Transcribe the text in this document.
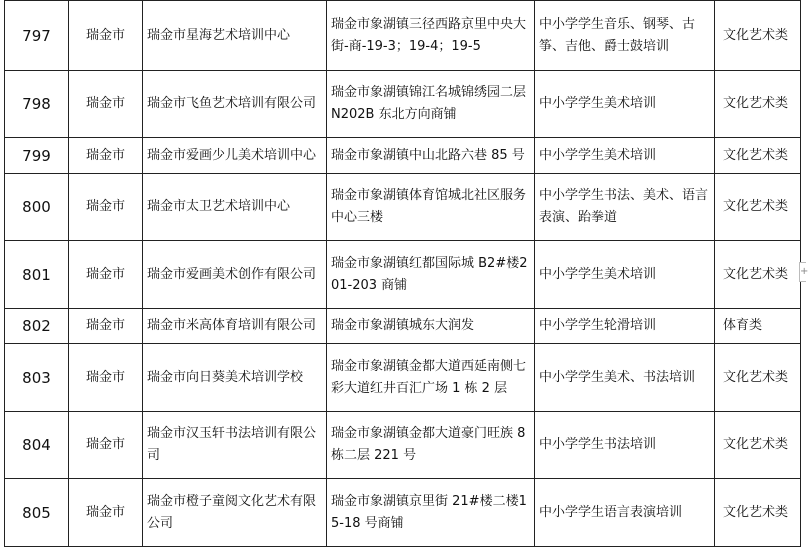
797	瑞金市	瑞金市星海艺术培训中心	瑞金市象湖镇三径西路京里中央大街-商-19-3；19-4；19-5	中小学学生音乐、钢琴、古筝、吉他、爵士鼓培训	文化艺术类
798	瑞金市	瑞金市飞鱼艺术培训有限公司	瑞金市象湖镇锦江名城锦绣园二层N202B 东北方向商铺	中小学学生美术培训	文化艺术类
799	瑞金市	瑞金市爱画少儿美术培训中心	瑞金市象湖镇中山北路六巷 85 号	中小学学生美术培训	文化艺术类
800	瑞金市	瑞金市太卫艺术培训中心	瑞金市象湖镇体育馆城北社区服务中心三楼	中小学学生书法、美术、语言表演、跆拳道	文化艺术类
801	瑞金市	瑞金市爱画美术创作有限公司	瑞金市象湖镇红都国际城 B2#楼201-203 商铺	中小学学生美术培训	文化艺术类
802	瑞金市	瑞金市米高体育培训有限公司	瑞金市象湖镇城东大润发	中小学学生轮滑培训	体育类
803	瑞金市	瑞金市向日葵美术培训学校	瑞金市象湖镇金都大道西延南侧七彩大道红井百汇广场 1 栋 2 层	中小学学生美术、书法培训	文化艺术类
804	瑞金市	瑞金市汉玉轩书法培训有限公司	瑞金市象湖镇金都大道豪门旺族 8栋二层 221 号	中小学学生书法培训	文化艺术类
805	瑞金市	瑞金市橙子童阅文化艺术有限公司	瑞金市象湖镇京里街 21#楼二楼15-18 号商铺	中小学学生语言表演培训	文化艺术类
+
